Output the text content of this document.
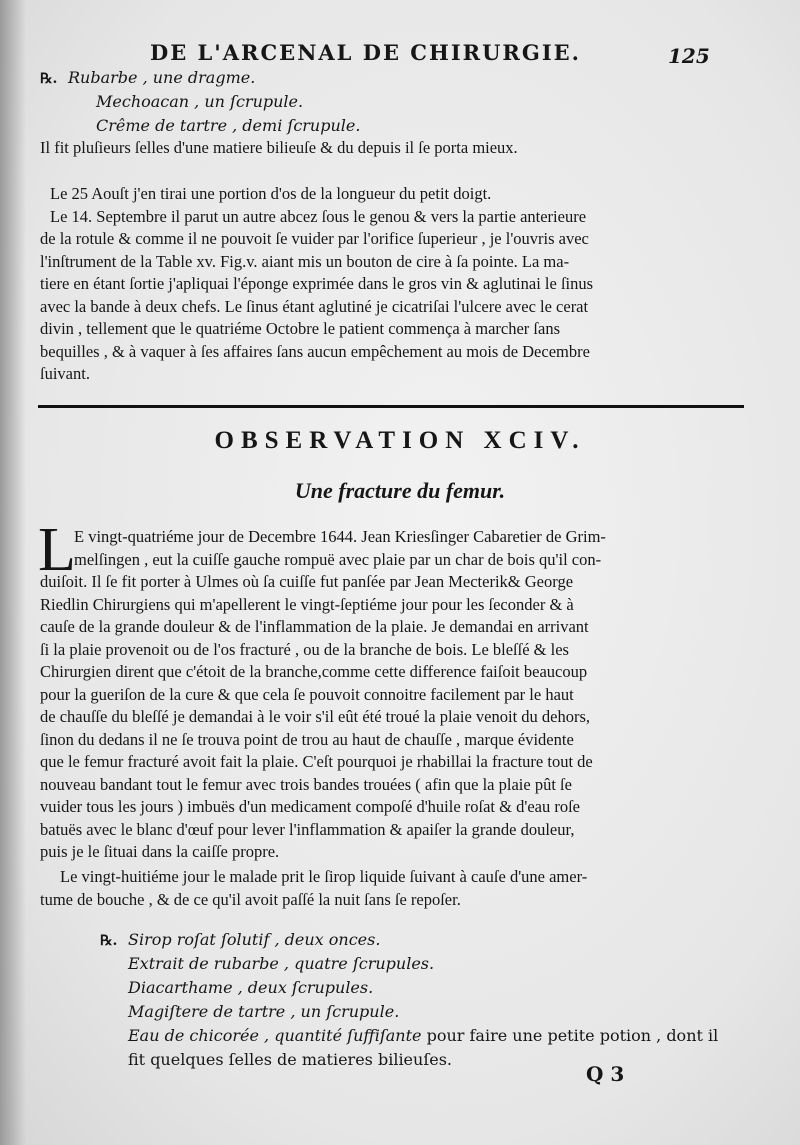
DE L'ARCENAL DE CHIRURGIE.	125
℞. Rubarbe , une dragme.
Mechoacan , un ſcrupule.
Crême de tartre , demi ſcrupule.
Il fit pluſieurs ſelles d'une matiere bilieuſe & du depuis il ſe porta mieux.
Le 25 Aouſt j'en tirai une portion d'os de la longueur du petit doigt.
Le 14. Septembre il parut un autre abcez ſous le genou & vers la partie anterieure
de la rotule & comme il ne pouvoit ſe vuider par l'orifice ſuperieur , je l'ouvris avec
l'inſtrument de la Table xv. Fig.v. aiant mis un bouton de cire à ſa pointe. La ma-
tiere en étant ſortie j'apliquai l'éponge exprimée dans le gros vin & aglutinai le ſinus
avec la bande à deux chefs. Le ſinus étant aglutiné je cicatriſai l'ulcere avec le cerat
divin , tellement que le quatriéme Octobre le patient commença à marcher ſans
bequilles , & à vaquer à ſes affaires ſans aucun empêchement au mois de Decembre
ſuivant.
OBSERVATION XCIV.
Une fracture du femur.
L
E vingt-quatriéme jour de Decembre 1644. Jean Kriesſinger Cabaretier de Grim-
melſingen , eut la cuiſſe gauche rompuë avec plaie par un char de bois qu'il con-
duiſoit. Il ſe fit porter à Ulmes où ſa cuiſſe fut panſée par Jean Mecterik& George
Riedlin Chirurgiens qui m'apellerent le vingt-ſeptiéme jour pour les ſeconder & à
cauſe de la grande douleur & de l'inflammation de la plaie. Je demandai en arrivant
ſi la plaie provenoit ou de l'os fracturé , ou de la branche de bois. Le bleſſé & les
Chirurgien dirent que c'étoit de la branche,comme cette difference faiſoit beaucoup
pour la gueriſon de la cure & que cela ſe pouvoit connoitre facilement par le haut
de chauſſe du bleſſé je demandai à le voir s'il eût été troué la plaie venoit du dehors,
ſinon du dedans il ne ſe trouva point de trou au haut de chauſſe , marque évidente
que le femur fracturé avoit fait la plaie. C'eſt pourquoi je rhabillai la fracture tout de
nouveau bandant tout le femur avec trois bandes trouées ( afin que la plaie pût ſe
vuider tous les jours ) imbuës d'un medicament compoſé d'huile roſat & d'eau roſe
batuës avec le blanc d'œuf pour lever l'inflammation & apaiſer la grande douleur,
puis je le ſituai dans la caiſſe propre.
Le vingt-huitiéme jour le malade prit le ſirop liquide ſuivant à cauſe d'une amer-
tume de bouche , & de ce qu'il avoit paſſé la nuit ſans ſe repoſer.
℞. Sirop roſat ſolutif , deux onces.
Extrait de rubarbe , quatre ſcrupules.
Diacarthame , deux ſcrupules.
Magiſtere de tartre , un ſcrupule.
Eau de chicorée , quantité ſuffiſante pour faire une petite potion , dont il
fit quelques ſelles de matieres bilieuſes.
Q 3
